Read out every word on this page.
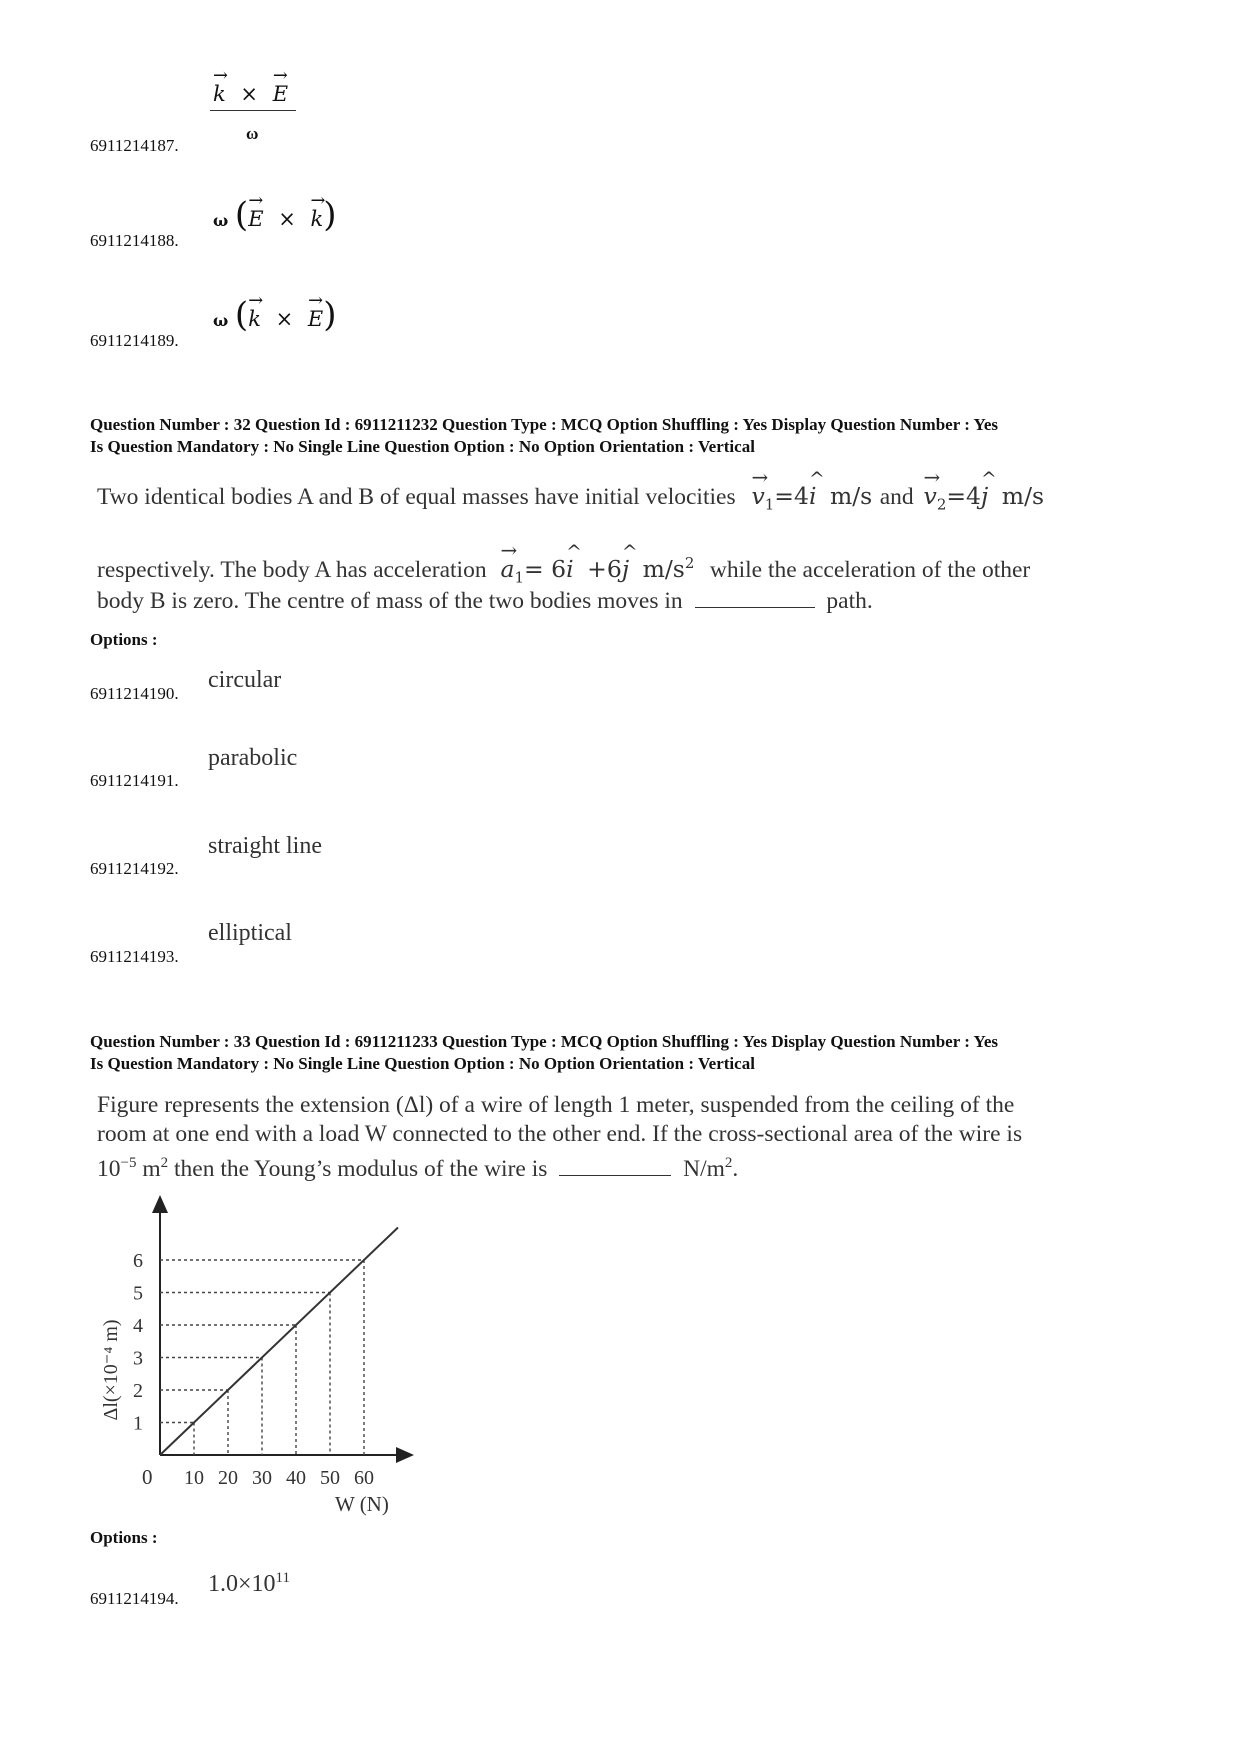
→ k × → E
ω
6911214187.
ω (→ E × → k)
6911214188.
ω (→ k × → E)
6911214189.
Question Number : 32 Question Id : 6911211232 Question Type : MCQ Option Shuffling : Yes Display Question Number : Yes
Is Question Mandatory : No Single Line Question Option : No Option Orientation : Vertical
Two identical bodies A and B of equal masses have initial velocities → $v_1=4\^{}$ i m/s and → $v_2=4\^{}$ j m/s
respectively. The body A has acceleration → $a_1=$ 6^ i +6^ j $m/s^2$ while the acceleration of the other
body B is zero. The centre of mass of the two bodies moves in	path.
Options :
circular
6911214190.
parabolic
6911214191.
straight line
6911214192.
elliptical
6911214193.
Question Number : 33 Question Id : 6911211233 Question Type : MCQ Option Shuffling : Yes Display Question Number : Yes
Is Question Mandatory : No Single Line Question Option : No Option Orientation : Vertical
Figure represents the extension (Δl) of a wire of length 1 meter, suspended from the ceiling of the
room at one end with a load W connected to the other end. If the cross-sectional area of the wire is
$10^{-5}$ $m^2$ then the Young’s modulus of the wire is	$N/m^2$.
1
2
3
4
5
6
10 20 30 40 50 60
0
W (N)
Δl(×10⁻⁴ m)
Options :
$1.0\times 10^{11}$
6911214194.
